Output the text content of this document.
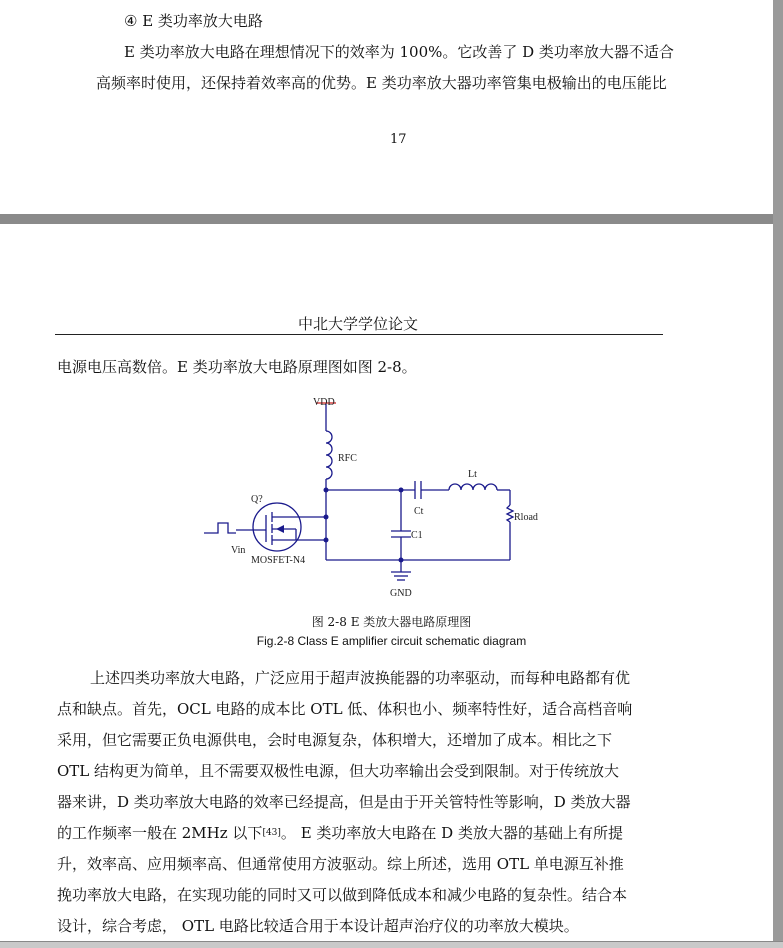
④ E 类功率放大电路
E 类功率放大电路在理想情况下的效率为 100%。它改善了 D 类功率放大器不适合
高频率时使用，还保持着效率高的优势。E 类功率放大器功率管集电极输出的电压能比
17
中北大学学位论文
电源电压高数倍。E 类功率放大电路原理图如图 2-8。
VDD
RFC
Q?
Vin
MOSFET-N4
Ct
Lt
C1
Rload
GND
图 2-8 E 类放大器电路原理图
Fig.2-8 Class E amplifier circuit schematic diagram
上述四类功率放大电路，广泛应用于超声波换能器的功率驱动，而每种电路都有优
点和缺点。首先，OCL 电路的成本比 OTL 低、体积也小、频率特性好，适合高档音响
采用，但它需要正负电源供电，会时电源复杂，体积增大，还增加了成本。相比之下
OTL 结构更为简单，且不需要双极性电源，但大功率输出会受到限制。对于传统放大
器来讲，D 类功率放大电路的效率已经提高，但是由于开关管特性等影响，D 类放大器
的工作频率一般在 2MHz 以下[43]。 E 类功率放大电路在 D 类放大器的基础上有所提
升，效率高、应用频率高、但通常使用方波驱动。综上所述，选用 OTL 单电源互补推
挽功率放大电路，在实现功能的同时又可以做到降低成本和减少电路的复杂性。结合本
设计，综合考虑， OTL 电路比较适合用于本设计超声治疗仪的功率放大模块。
